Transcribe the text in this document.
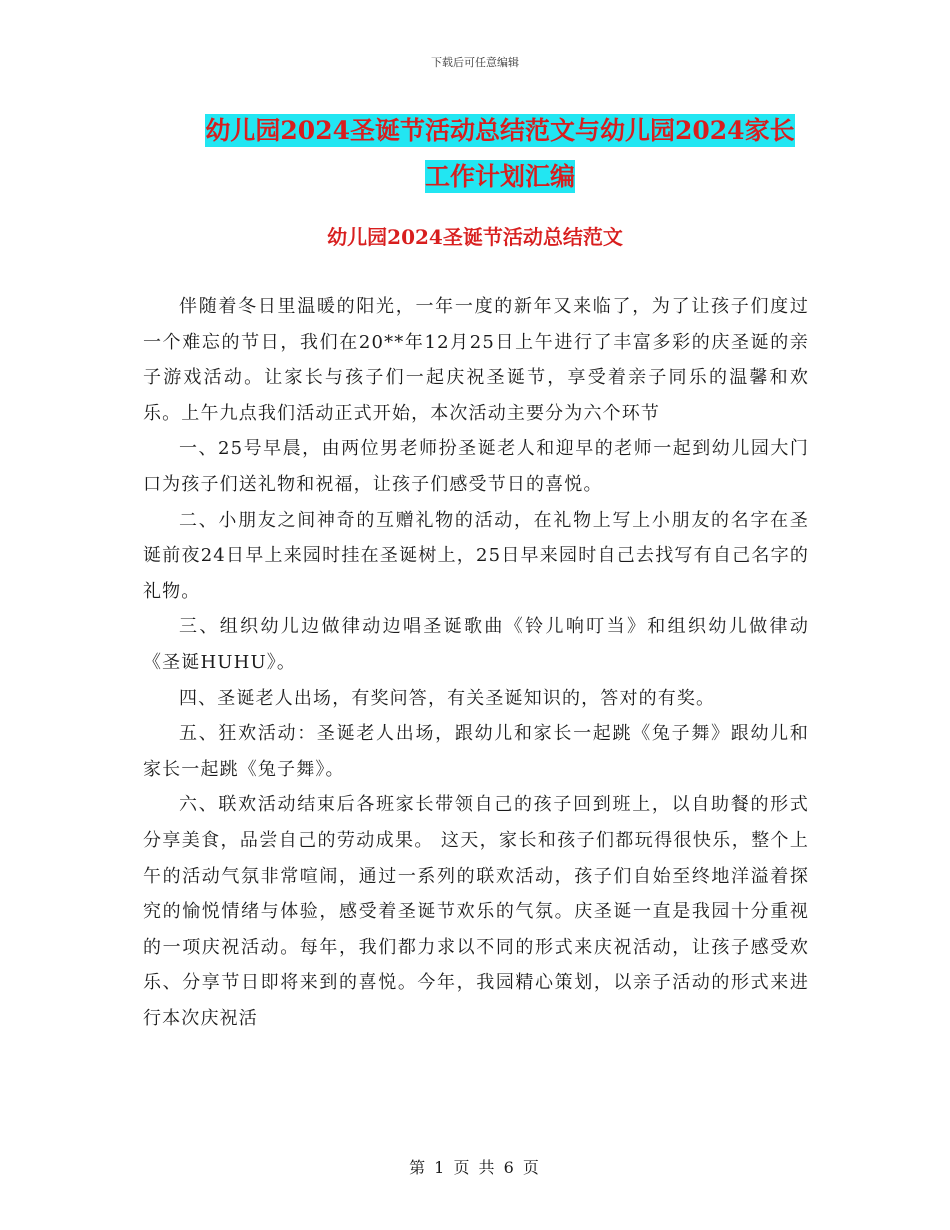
下载后可任意编辑
幼儿园2024圣诞节活动总结范文与幼儿园2024家长
工作计划汇编
幼儿园2024圣诞节活动总结范文

伴随着冬日里温暖的阳光，一年一度的新年又来临了，为了让孩子们度过一个难忘的节日，我们在20**年12月25日上午进行了丰富多彩的庆圣诞的亲子游戏活动。让家长与孩子们一起庆祝圣诞节，享受着亲子同乐的温馨和欢乐。上午九点我们活动正式开始，本次活动主要分为六个环节

一、25号早晨，由两位男老师扮圣诞老人和迎早的老师一起到幼儿园大门口为孩子们送礼物和祝福，让孩子们感受节日的喜悦。

二、小朋友之间神奇的互赠礼物的活动，在礼物上写上小朋友的名字在圣诞前夜24日早上来园时挂在圣诞树上，25日早来园时自己去找写有自己名字的礼物。

三、组织幼儿边做律动边唱圣诞歌曲《铃儿响叮当》和组织幼儿做律动《圣诞HUHU》。

四、圣诞老人出场，有奖问答，有关圣诞知识的，答对的有奖。

五、狂欢活动：圣诞老人出场，跟幼儿和家长一起跳《兔子舞》跟幼儿和家长一起跳《兔子舞》。

六、联欢活动结束后各班家长带领自己的孩子回到班上，以自助餐的形式分享美食，品尝自己的劳动成果。 这天，家长和孩子们都玩得很快乐，整个上午的活动气氛非常喧闹，通过一系列的联欢活动，孩子们自始至终地洋溢着探究的愉悦情绪与体验，感受着圣诞节欢乐的气氛。庆圣诞一直是我园十分重视的一项庆祝活动。每年，我们都力求以不同的形式来庆祝活动，让孩子感受欢乐、分享节日即将来到的喜悦。今年，我园精心策划，以亲子活动的形式来进行本次庆祝活

第 1 页 共 6 页
